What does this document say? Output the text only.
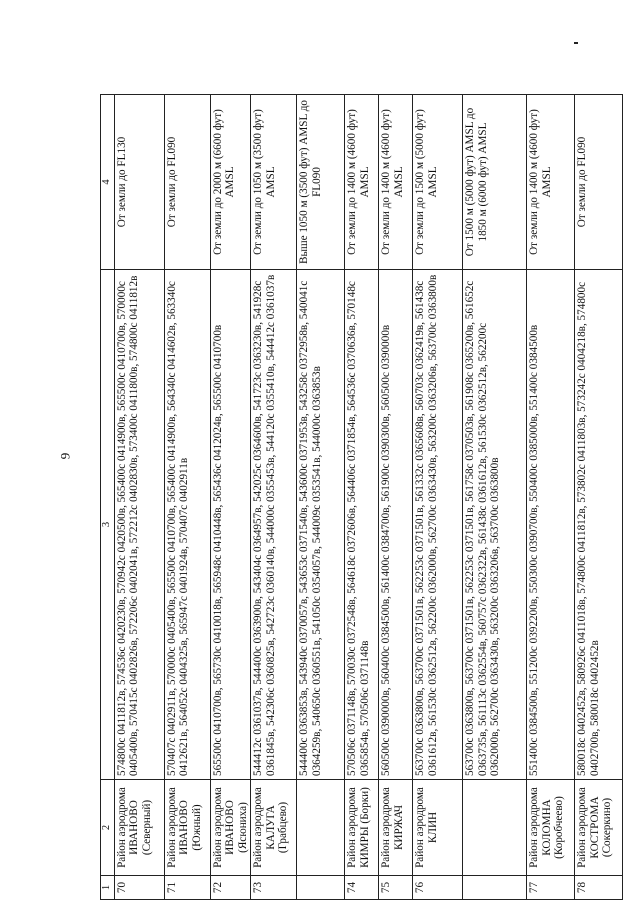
9
1	2	3	4
70	Район аэродрома ИВАНОВО (Северный)	574800с 0411812в, 574536с 0420230в, 570942с 0420500в, 565400с 0414900в, 565500с 0410700в, 570000с 0405400в, 570415с 0402826в, 572206с 0402041в, 572212с 0402830в, 573400с 0411800в, 574800с 0411812в	От земли до FL130
71	Район аэродрома ИВАНОВО (Южный)	570407с 0402911в, 570000с 0405400в, 565500с 0410700в, 565400с 0414900в, 564340с 0414602в, 563340с 0412621в, 564052с 0404325в, 565947с 0401924в, 570407с 0402911в	От земли до FL090
72	Район аэродрома ИВАНОВО (Ясюниха)	565500с 0410700в, 565730с 0410018в, 565948с 0410448в, 565436с 0412024в, 565500с 0410700в	От земли до 2000 м (6600 фут) AMSL
73	Район аэродрома КАЛУГА (Грабцево)	544412с 0361037в, 544400с 0363900в, 543404с 0364957в, 542025с 0364600в, 541723с 0363230в, 541928с 0361845в, 542306с 0360825в, 542723с 0360140в, 544000с 0355453в, 544120с 0355410в, 544412с 0361037в	От земли до 1050 м (3500 фут) AMSL
		544400с 0363853в, 543940с 0370057в, 543653с 0371540в, 543600с 0371953в, 543258с 0372958в, 540041с 0364259в, 540650с 0360551в, 541050с 0354057в, 544009с 0353541в, 544000с 0363853в	Выше 1050 м (3500 фут) AMSL до FL090
74	Район аэродрома КИМРЫ (Борки)	570506с 0371148в, 570030с 0372548в, 564618с 0372606в, 564406с 0371854в, 564536с 0370636в, 570148с 0365854в, 570506с 0371148в	От земли до 1400 м (4600 фут) AMSL
75	Район аэродрома КИРЖАЧ	560500с 0390000в, 560400с 0384500в, 561400с 0384700в, 561900с 0390300в, 560500с 0390000в	От земли до 1400 м (4600 фут) AMSL
76	Район аэродрома КЛИН	563700с 0363800в, 563700с 0371501в, 562253с 0371501в, 561332с 0365608в, 560703с 0362419в, 561438с 0361612в, 561530с 0362512в, 562200с 0362000в, 562700с 0363430в, 563200с 0363206в, 563700с 0363800в	От земли до 1500 м (5000 фут) AMSL
		563700с 0363800в, 563700с 0371501в, 562253с 0371501в, 561758с 0370503в, 561908с 0365200в, 561652с 0363735в, 561113с 0362554в, 560757с 0362322в, 561438с 0361612в, 561530с 0362512в, 562200с 0362000в, 562700с 0363430в, 563200с 0363206в, 563700с 0363800в	От 1500 м (5000 фут) AMSL до 1850 м (6000 фут) AMSL
77	Район аэродрома КОЛОМНА (Коробчеево)	551400с 0384500в, 551200с 0392200в, 550300с 0390700в, 550400с 0385000в, 551400с 0384500в	От земли до 1400 м (4600 фут) AMSL
78	Район аэродрома КОСТРОМА (Сокеркино)	580018с 0402452в, 580926с 0411018в, 574800с 0411812в, 573802с 0411803в, 573242с 0404218в, 574800с 0402700в, 580018с 0402452в	От земли до FL090
